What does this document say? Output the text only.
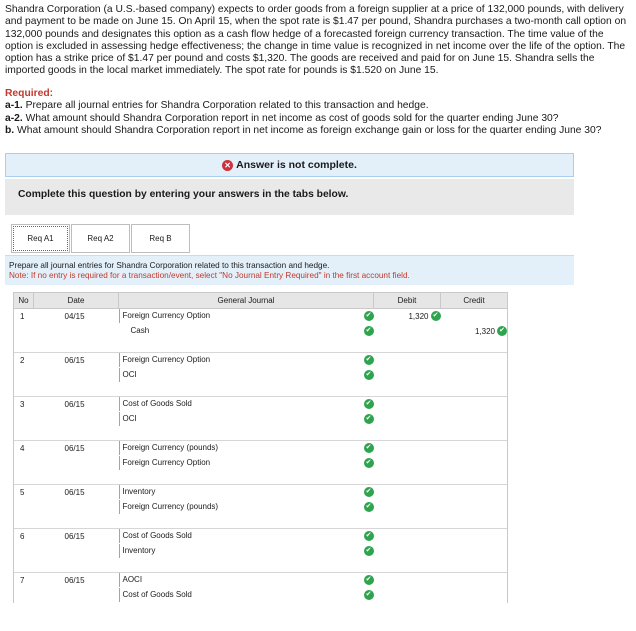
Shandra Corporation (a U.S.-based company) expects to order goods from a foreign supplier at a price of 132,000 pounds, with delivery and payment to be made on June 15. On April 15, when the spot rate is $1.47 per pound, Shandra purchases a two-month call option on 132,000 pounds and designates this option as a cash flow hedge of a forecasted foreign currency transaction. The time value of the option is excluded in assessing hedge effectiveness; the change in time value is recognized in net income over the life of the option. The option has a strike price of $1.47 per pound and costs $1,320. The goods are received and paid for on June 15. Shandra sells the imported goods in the local market immediately. The spot rate for pounds is $1.520 on June 15.
Required:
a-1. Prepare all journal entries for Shandra Corporation related to this transaction and hedge.
a-2. What amount should Shandra Corporation report in net income as cost of goods sold for the quarter ending June 30?
b. What amount should Shandra Corporation report in net income as foreign exchange gain or loss for the quarter ending June 30?
✕ Answer is not complete.
Complete this question by entering your answers in the tabs below.
Req A1	Req A2	Req B
Prepare all journal entries for Shandra Corporation related to this transaction and hedge.
Note: If no entry is required for a transaction/event, select "No Journal Entry Required" in the first account field.
No	Date	General Journal	Debit	Credit
1	04/15	Foreign Currency Option ✔	1,320 ✔	

		Cash ✔		1,320 ✔

2	06/15	Foreign Currency Option ✔		

		OCI ✔		

3	06/15	Cost of Goods Sold ✔		

		OCI ✔		

4	06/15	Foreign Currency (pounds) ✔		

		Foreign Currency Option ✔		

5	06/15	Inventory ✔		

		Foreign Currency (pounds) ✔		

6	06/15	Cost of Goods Sold ✔		

		Inventory ✔		

7	06/15	AOCI ✔		

		Cost of Goods Sold ✔		
